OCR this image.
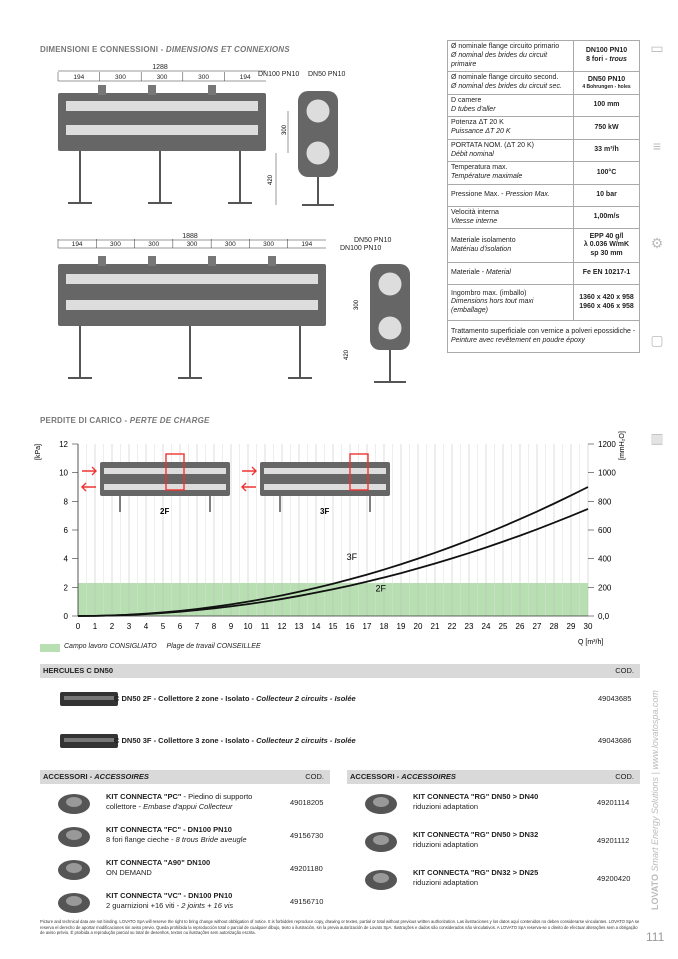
DIMENSIONI E CONNESSIONI - DIMENSIONS ET CONNEXIONS
1288
194	300	300	300	194 DN100 PN10 DN50 PN10
300
420
1888
194	300	300	300	300	300	194
DN50 PN10
DN100 PN10
300
420
Ø nominale flange circuito primario
Ø nominal des brides du circuit primaire	DN100 PN10
8 fori - trous
Ø nominale flange circuito second.
Ø nominal des brides du circuit sec.	DN50 PN10
4 Bohrungen - holes

D camere
D tubes d'aller	100 mm
Potenza ΔT 20 K
Puissance ΔT 20 K	750 kW
PORTATA NOM. (ΔT 20 K)
Débit nominal	33 m³/h
Temperatura max.
Température maximale	100°C
Pressione Max. - Pression Max.	10 bar
Velocità interna
Vitesse interne	1,00m/s
Materiale isolamento
Matériau d'isolation	EPP 40 g/l
λ 0.036 W/mK
sp 30 mm
Materiale - Material	Fe EN 10217-1
Ingombro max. (imballo)
Dimensions hors tout maxi (emballage)	1360 x 420 x 958
1960 x 406 x 958
Trattamento superficiale con vernice a polveri epossidiche - Peinture avec revêtement en poudre époxy	
▭
≡
⚙
▢
▥
PERDITE DI CARICO - PERTE DE CHARGE
0	0,0
2	200
4	400
6	600
8	800
10	1000
12	1200
0 1 2 3 4 5 6 7 8 9 10 11 12 13 14 15 16 17 18 19 20 21 22 23 24 25 26 27 28 29 30
[kPa]	[mmH₂O]
Q [m³/h]
3F
2F
2F	3F
Campo lavoro CONSIGLIATO Plage de travail CONSEILLEE
HERCULES C DN50	COD.
C DN50 2F - Collettore 2 zone - Isolato - Collecteur 2 circuits - Isolée	49043685
C DN50 3F - Collettore 3 zone - Isolato - Collecteur 2 circuits - Isolée	49043686
ACCESSORI - ACCESSOIRES	COD.
KIT CONNECTA "PC" - Piedino di supporto
collettore - Embase d'appui Collecteur	49018205
KIT CONNECTA "FC" - DN100 PN10
8 fori flange cieche - 8 trous Bride aveugle	49156730
KIT CONNECTA "A90" DN100
ON DEMAND	49201180
KIT CONNECTA "VC" - DN100 PN10
2 guarnizioni +16 viti - 2 joints + 16 vis	49156710
ACCESSORI - ACCESSOIRES	COD.
KIT CONNECTA "RG" DN50 > DN40
riduzioni adaptation	49201114
KIT CONNECTA "RG" DN50 > DN32
riduzioni adaptation	49201112
KIT CONNECTA "RG" DN32 > DN25
riduzioni adaptation	49200420 LOVATO Smart Energy Solutions | www.lovatospa.com
Picture and technical data are not binding. LOVATO SpA will reserve the right to bring change without obbligation of notice. It is forbidden reproduce copy, drawing or textes, partial or total without previous written authorization. Las ilustraciones y los datos aquí contenidos no deben considerarse vinculantes. LOVATO SpA se reserva el derecho de aportar modificaciones sin aviso previo. Queda prohibida la reproducción total o parcial de cualquier dibujo, texto o ilustración, sin la previa autorización de Lovato SpA. Ilustrações e dados são considerados não vinculativos. A LOVATO SpA reserva-se o direito de efectuar alterações sem a obrigação de aviso prévio. É proibida a reprodução parcial ou total de desenhos, textos ou ilustrações sem autorização escrita.	111
